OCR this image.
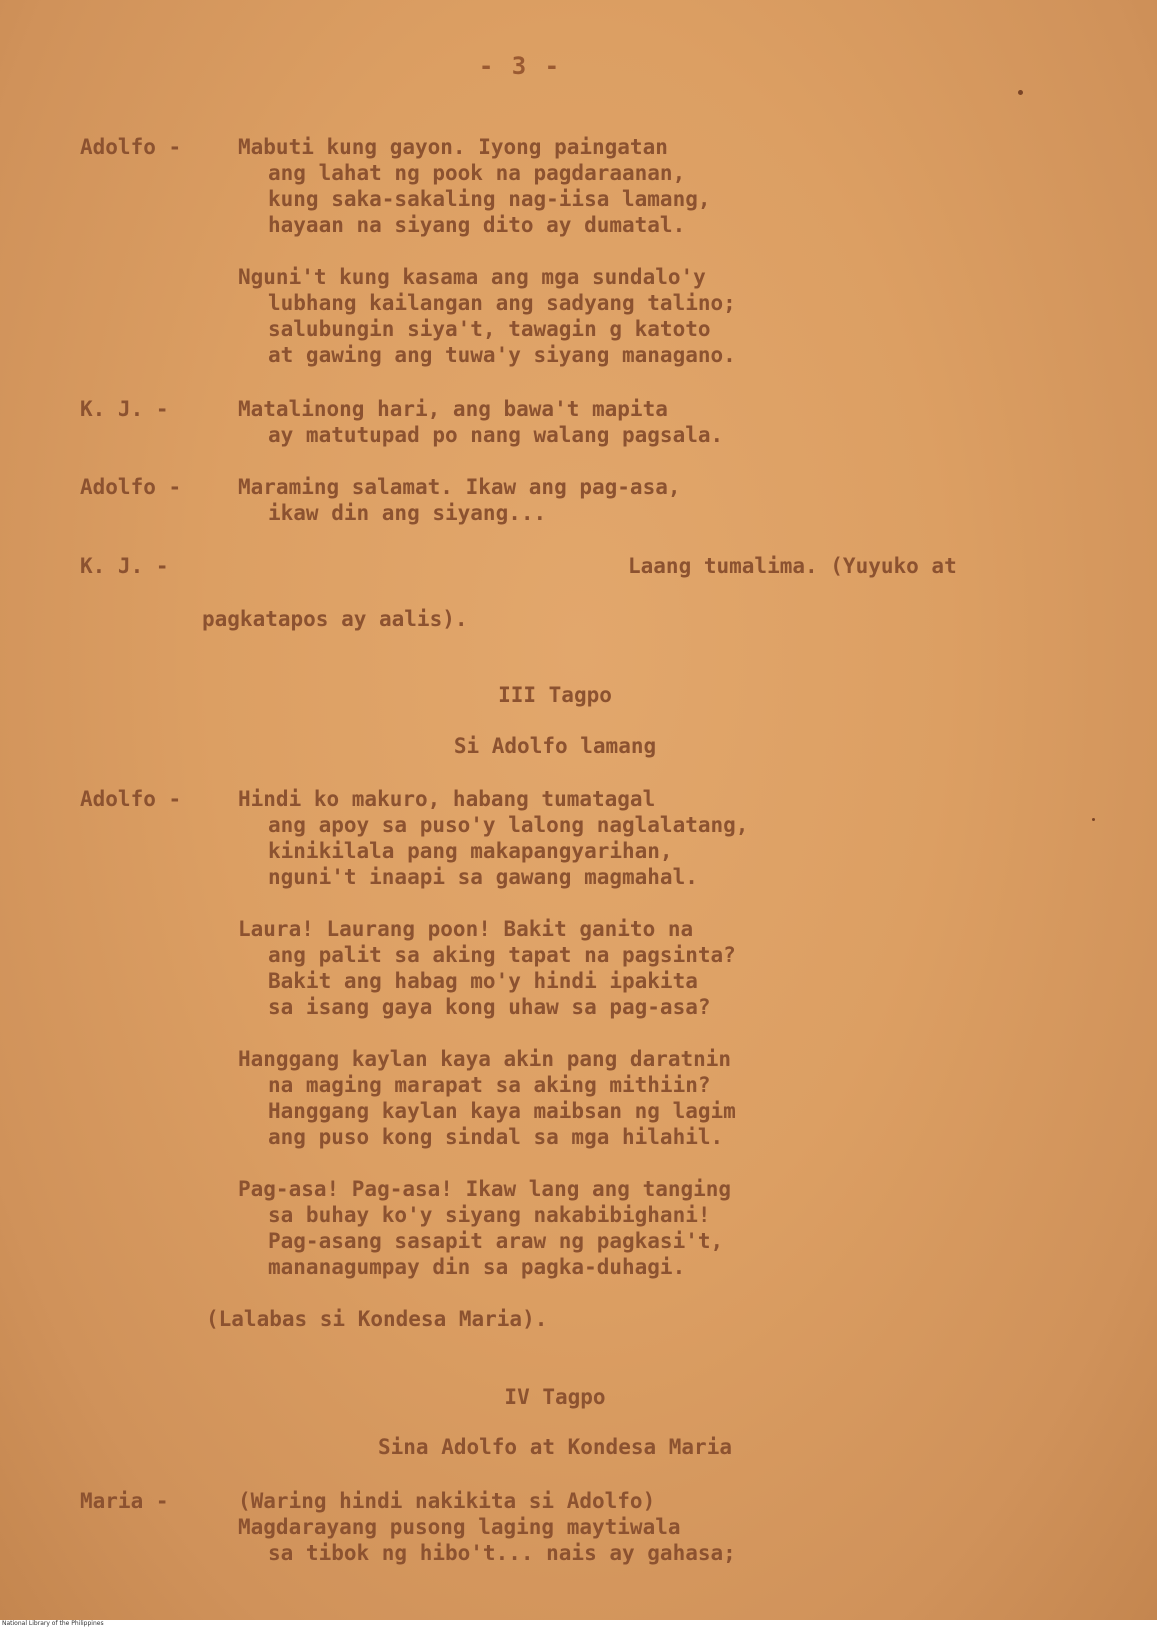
- 3 -
Adolfo -	Mabuti kung gayon. Iyong paingatan
ang lahat ng pook na pagdaraanan,
kung saka-sakaling nag-iisa lamang,
hayaan na siyang dito ay dumatal.
Nguni't kung kasama ang mga sundalo'y
lubhang kailangan ang sadyang talino;
salubungin siya't, tawagin g katoto
at gawing ang tuwa'y siyang managano.
K. J. -	Matalinong hari, ang bawa't mapita
ay matutupad po nang walang pagsala.
Adolfo -	Maraming salamat. Ikaw ang pag-asa,
ikaw din ang siyang...
K. J. -	Laang tumalima. (Yuyuko at
pagkatapos ay aalis).
III Tagpo
Si Adolfo lamang
Adolfo -	Hindi ko makuro, habang tumatagal
ang apoy sa puso'y lalong naglalatang,
kinikilala pang makapangyarihan,
nguni't inaapi sa gawang magmahal.
Laura! Laurang poon! Bakit ganito na
ang palit sa aking tapat na pagsinta?
Bakit ang habag mo'y hindi ipakita
sa isang gaya kong uhaw sa pag-asa?
Hanggang kaylan kaya akin pang daratnin
na maging marapat sa aking mithiin?
Hanggang kaylan kaya maibsan ng lagim
ang puso kong sindal sa mga hilahil.
Pag-asa! Pag-asa! Ikaw lang ang tanging
sa buhay ko'y siyang nakabibighani!
Pag-asang sasapit araw ng pagkasi't,
mananagumpay din sa pagka-duhagi.
(Lalabas si Kondesa Maria).
IV Tagpo
Sina Adolfo at Kondesa Maria
Maria -	(Waring hindi nakikita si Adolfo)
Magdarayang pusong laging maytiwala
sa tibok ng hibo't... nais ay gahasa;
National Library of the Philippines
